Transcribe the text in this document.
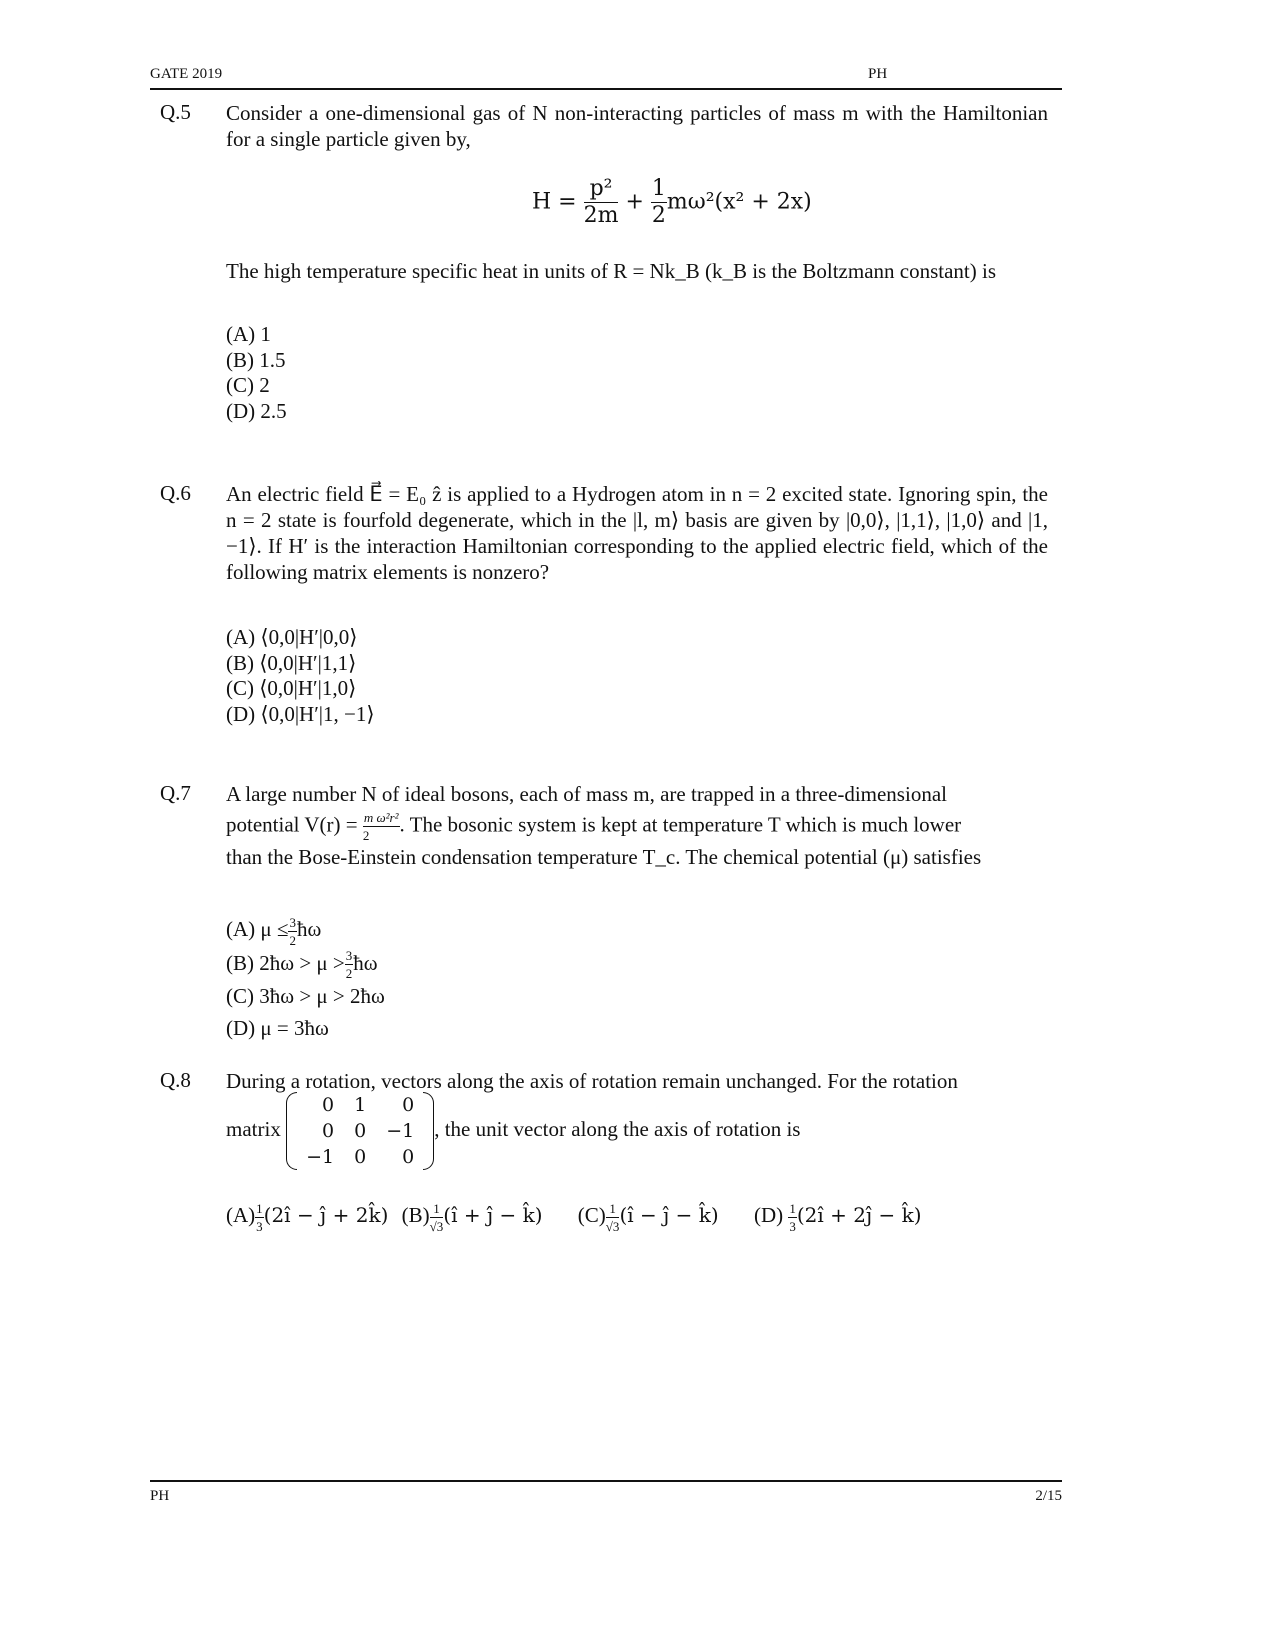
GATE 2019	PH
Q.5 Consider a one-dimensional gas of N non-interacting particles of mass m with the Hamiltonian for a single particle given by,

$H = \frac{\text{p²}}{2m} + \frac{1}{2} m\omega^2(x^2 + 2x)$

The high temperature specific heat in units of R = Nk_B (k_B is the Boltzmann constant) is

(A) 1
(B) 1.5
(C) 2
(D) 2.5
Q.6 An electric field E⃗ = E₀ ẑ is applied to a Hydrogen atom in n = 2 excited state. Ignoring spin, the n = 2 state is fourfold degenerate, which in the |l, m⟩ basis are given by |0,0⟩, |1,1⟩, |1,0⟩ and |1, −1⟩. If H′ is the interaction Hamiltonian corresponding to the applied electric field, which of the following matrix elements is nonzero?

(A) ⟨0,0|H′|0,0⟩
(B) ⟨0,0|H′|1,1⟩
(C) ⟨0,0|H′|1,0⟩
(D) ⟨0,0|H′|1, −1⟩
Q.7 A large number N of ideal bosons, each of mass m, are trapped in a three-dimensional

potential $V(r) = \frac{\text{m ω²r²}}{2}$ . The bosonic system is kept at temperature T which is much lower

than the Bose-Einstein condensation temperature T_c. The chemical potential (μ) satisfies

(A) $\mu \le \frac{3}{2}$ ħω
(B) 2ħω > $\mu > \frac{3}{2}$ ħω
(C) 3ħω > μ > 2ħω
(D) μ = 3ħω
Q.8 During a rotation, vectors along the axis of rotation remain unchanged. For the rotation

matrix
0	1	0
0	0	−1
−1	0	0
, the unit vector along the axis of rotation is
$(A) \frac{1}{3}$ (2î − ĵ + 2k̂) $(B) \frac{1}{√3}$ (î + ĵ − k̂) $(C) \frac{1}{√3}$ (î − ĵ − k̂) $(D) \frac{1}{3}$ (2î + 2ĵ − k̂)
PH	2/15
